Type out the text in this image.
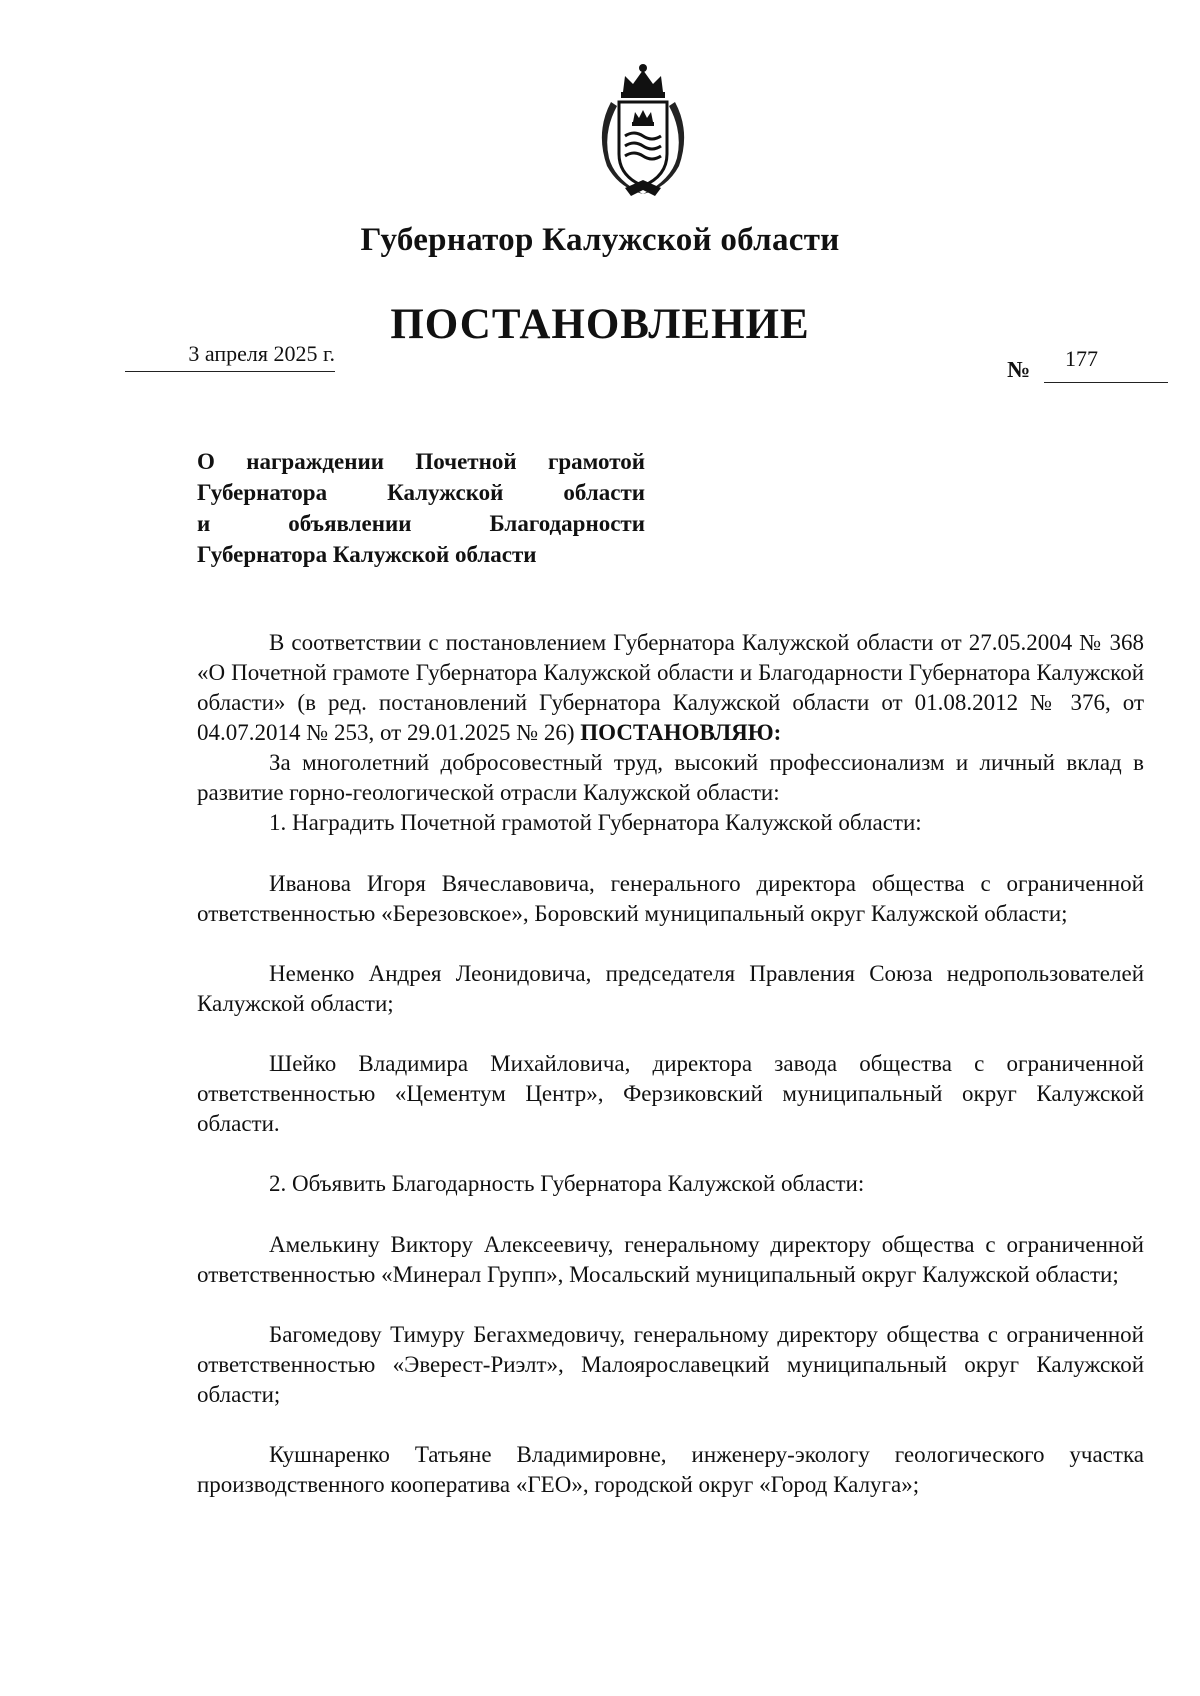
Губернатор Калужской области
ПОСТАНОВЛЕНИЕ
3 апреля 2025 г.
№ 177
О награждении Почетной грамотой
Губернатора Калужской области
и объявлении Благодарности
Губернатора Калужской области

В соответствии с постановлением Губернатора Калужской области от 27.05.2004 № 368 «О Почетной грамоте Губернатора Калужской области и Благодарности Губернатора Калужской области» (в ред. постановлений Губернатора Калужской области от 01.08.2012 № 376, от 04.07.2014 № 253, от 29.01.2025 № 26) ПОСТАНОВЛЯЮ:

За многолетний добросовестный труд, высокий профессионализм и личный вклад в развитие горно-геологической отрасли Калужской области:

1. Наградить Почетной грамотой Губернатора Калужской области:

Иванова Игоря Вячеславовича, генерального директора общества с ограниченной ответственностью «Березовское», Боровский муниципальный округ Калужской области;

Неменко Андрея Леонидовича, председателя Правления Союза недропользователей Калужской области;

Шейко Владимира Михайловича, директора завода общества с ограниченной ответственностью «Цементум Центр», Ферзиковский муниципальный округ Калужской области.

2. Объявить Благодарность Губернатора Калужской области:

Амелькину Виктору Алексеевичу, генеральному директору общества с ограниченной ответственностью «Минерал Групп», Мосальский муниципальный округ Калужской области;

Багомедову Тимуру Бегахмедовичу, генеральному директору общества с ограниченной ответственностью «Эверест-Риэлт», Малоярославецкий муниципальный округ Калужской области;

Кушнаренко Татьяне Владимировне, инженеру-экологу геологического участка производственного кооператива «ГЕО», городской округ «Город Калуга»;
